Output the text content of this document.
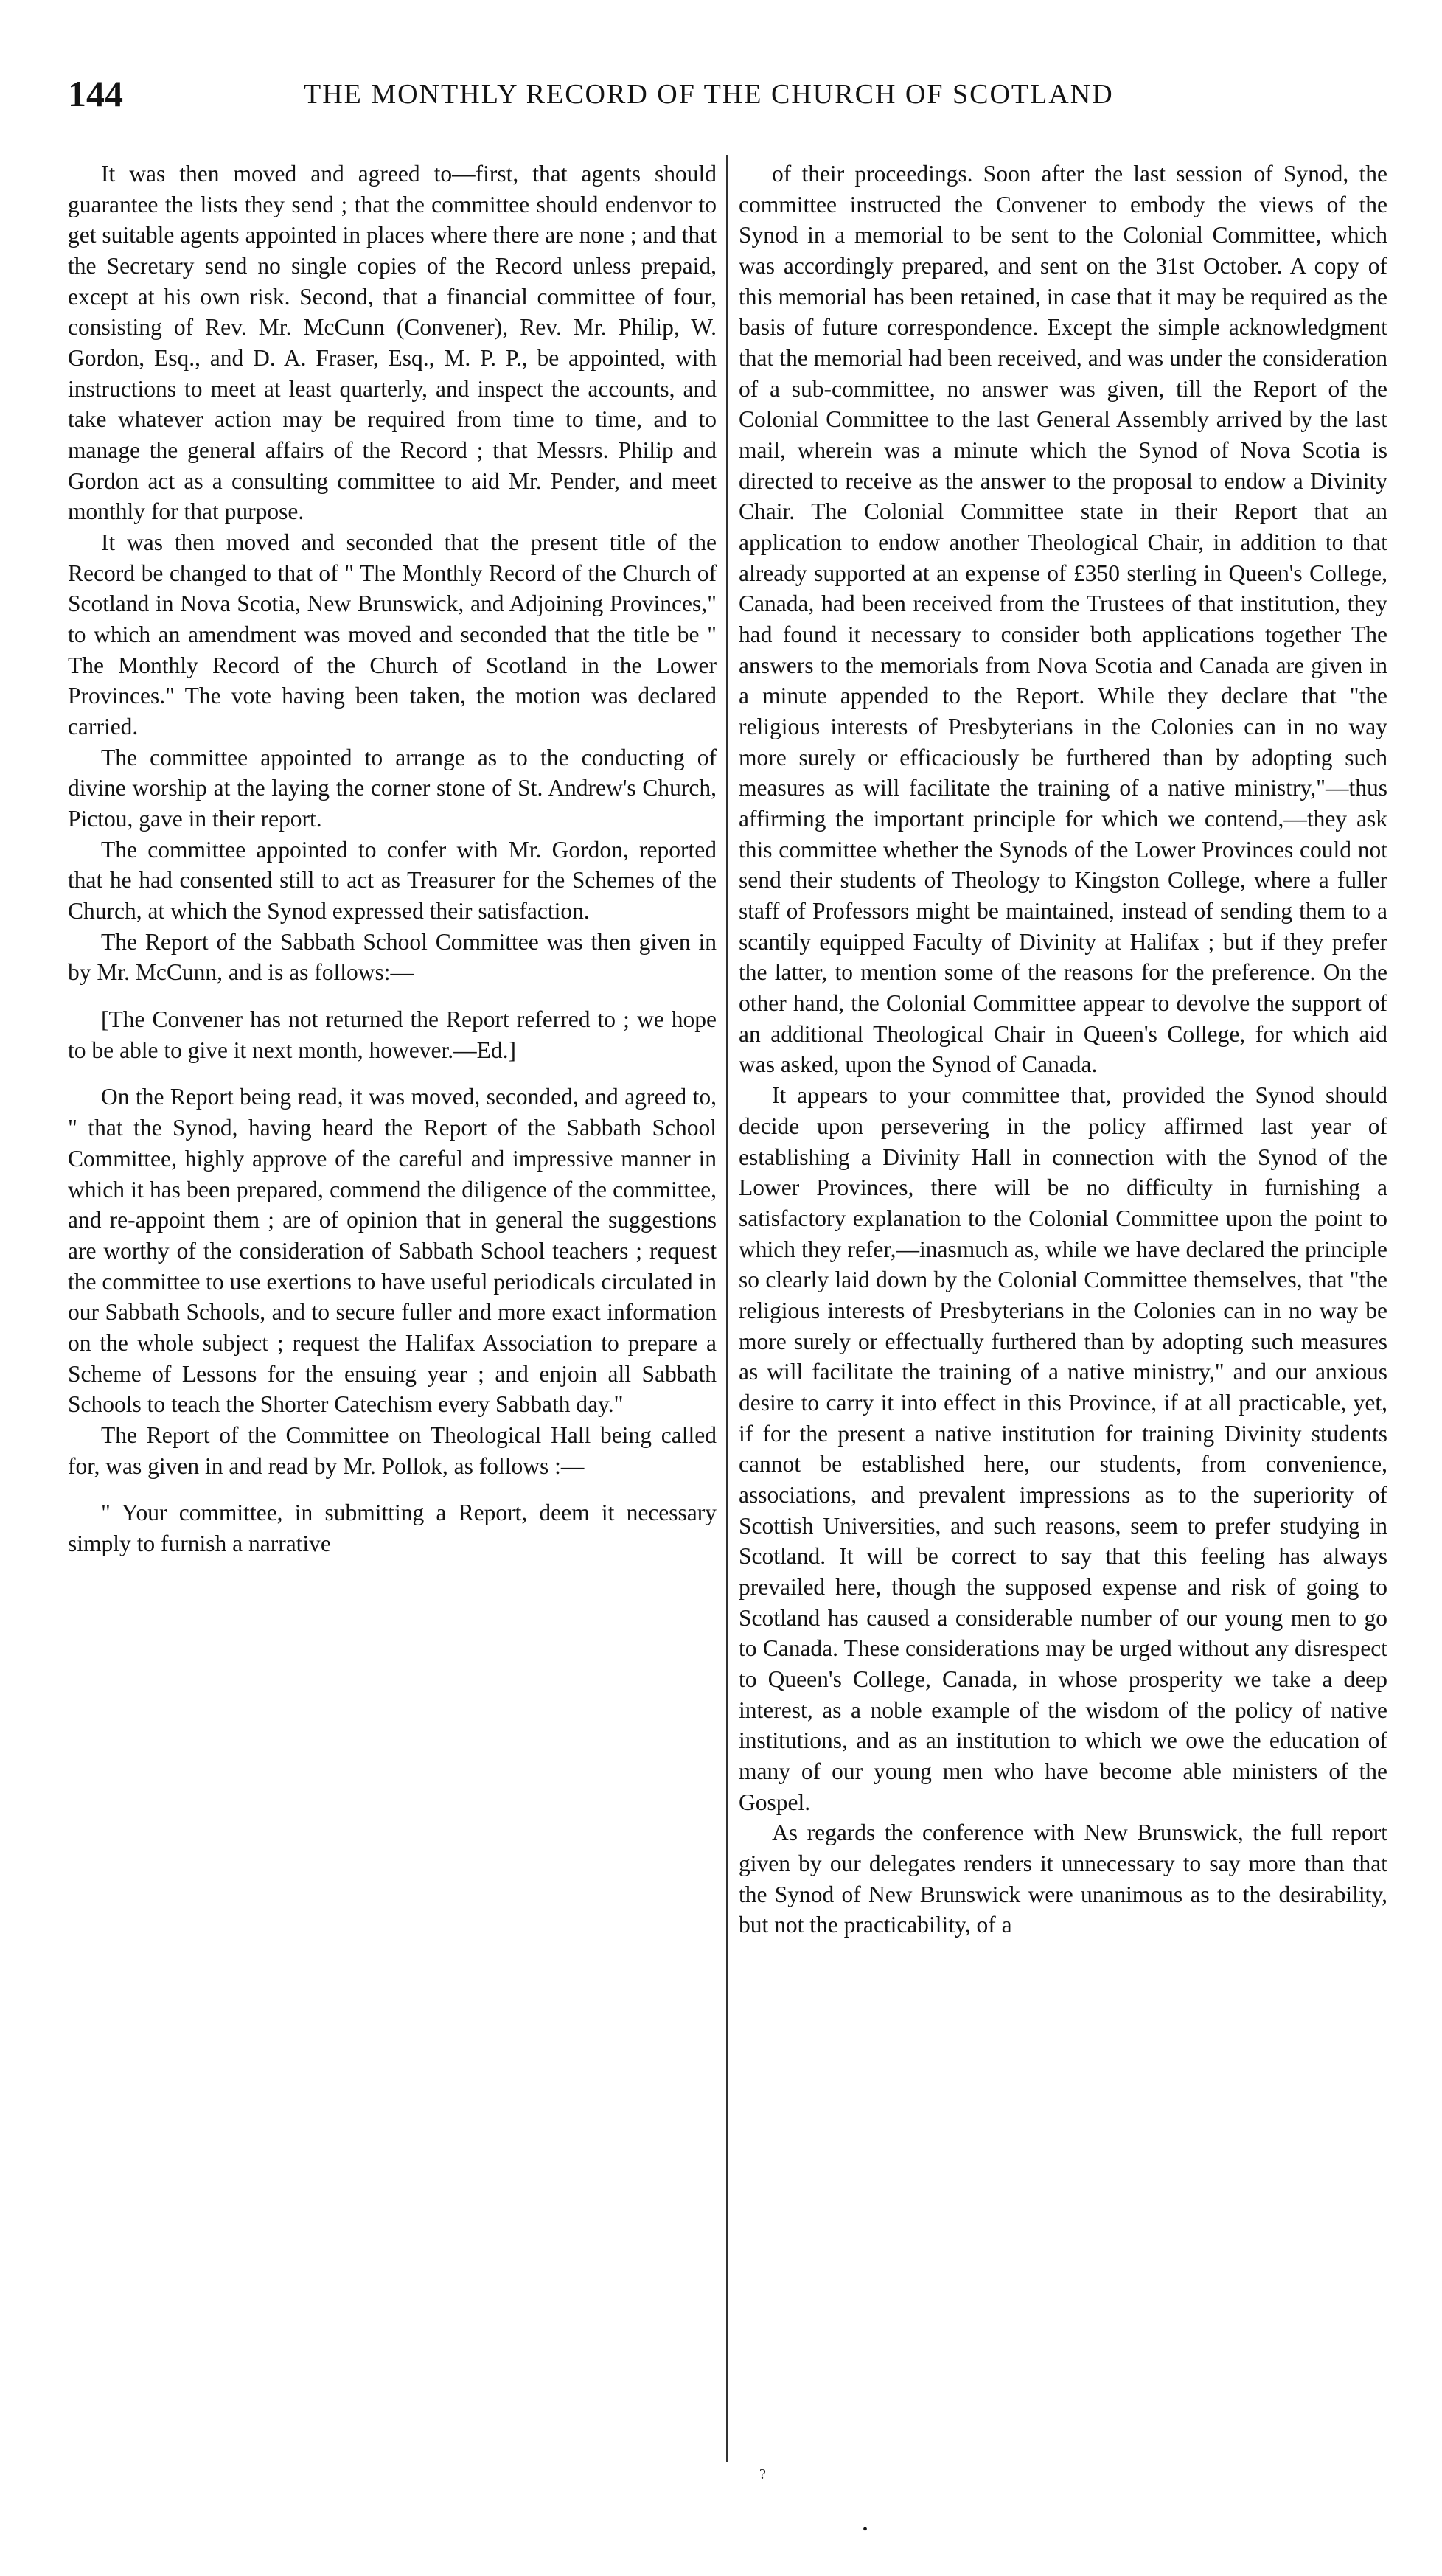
144	THE MONTHLY RECORD OF THE CHURCH OF SCOTLAND

It was then moved and agreed to—first, that agents should guarantee the lists they send ; that the committee should endenvor to get suitable agents appointed in places where there are none ; and that the Secretary send no single copies of the Record unless prepaid, except at his own risk. Second, that a financial committee of four, consisting of Rev. Mr. McCunn (Convener), Rev. Mr. Philip, W. Gordon, Esq., and D. A. Fraser, Esq., M. P. P., be appointed, with instructions to meet at least quarterly, and inspect the accounts, and take whatever action may be required from time to time, and to manage the general affairs of the Record ; that Messrs. Philip and Gordon act as a consulting committee to aid Mr. Pender, and meet monthly for that purpose.

It was then moved and seconded that the present title of the Record be changed to that of " The Monthly Record of the Church of Scotland in Nova Scotia, New Brunswick, and Adjoining Provinces," to which an amendment was moved and seconded that the title be " The Monthly Record of the Church of Scotland in the Lower Provinces." The vote having been taken, the motion was declared carried.

The committee appointed to arrange as to the conducting of divine worship at the laying the corner stone of St. Andrew's Church, Pictou, gave in their report.

The committee appointed to confer with Mr. Gordon, reported that he had consented still to act as Treasurer for the Schemes of the Church, at which the Synod expressed their satisfaction.

The Report of the Sabbath School Committee was then given in by Mr. McCunn, and is as follows:—

[The Convener has not returned the Report referred to ; we hope to be able to give it next month, however.—Ed.]

On the Report being read, it was moved, seconded, and agreed to, " that the Synod, having heard the Report of the Sabbath School Committee, highly approve of the careful and impressive manner in which it has been prepared, commend the diligence of the committee, and re-appoint them ; are of opinion that in general the suggestions are worthy of the consideration of Sabbath School teachers ; request the committee to use exertions to have useful periodicals circulated in our Sabbath Schools, and to secure fuller and more exact information on the whole subject ; request the Halifax Association to prepare a Scheme of Lessons for the ensuing year ; and enjoin all Sabbath Schools to teach the Shorter Catechism every Sabbath day."

The Report of the Committee on Theological Hall being called for, was given in and read by Mr. Pollok, as follows :—

" Your committee, in submitting a Report, deem it necessary simply to furnish a narrative

of their proceedings. Soon after the last session of Synod, the committee instructed the Convener to embody the views of the Synod in a memorial to be sent to the Colonial Committee, which was accordingly prepared, and sent on the 31st October. A copy of this memorial has been retained, in case that it may be required as the basis of future correspondence. Except the simple acknowledgment that the memorial had been received, and was under the consideration of a sub-committee, no answer was given, till the Report of the Colonial Committee to the last General Assembly arrived by the last mail, wherein was a minute which the Synod of Nova Scotia is directed to receive as the answer to the proposal to endow a Divinity Chair. The Colonial Committee state in their Report that an application to endow another Theological Chair, in addition to that already supported at an expense of £350 sterling in Queen's College, Canada, had been received from the Trustees of that institution, they had found it necessary to consider both applications together The answers to the memorials from Nova Scotia and Canada are given in a minute appended to the Report. While they declare that "the religious interests of Presbyterians in the Colonies can in no way more surely or efficaciously be furthered than by adopting such measures as will facilitate the training of a native ministry,"—thus affirming the important principle for which we contend,—they ask this committee whether the Synods of the Lower Provinces could not send their students of Theology to Kingston College, where a fuller staff of Professors might be maintained, instead of sending them to a scantily equipped Faculty of Divinity at Halifax ; but if they prefer the latter, to mention some of the reasons for the preference. On the other hand, the Colonial Committee appear to devolve the support of an additional Theological Chair in Queen's College, for which aid was asked, upon the Synod of Canada.

It appears to your committee that, provided the Synod should decide upon persevering in the policy affirmed last year of establishing a Divinity Hall in connection with the Synod of the Lower Provinces, there will be no difficulty in furnishing a satisfactory explanation to the Colonial Committee upon the point to which they refer,—inasmuch as, while we have declared the principle so clearly laid down by the Colonial Committee themselves, that "the religious interests of Presbyterians in the Colonies can in no way be more surely or effectually furthered than by adopting such measures as will facilitate the training of a native ministry," and our anxious desire to carry it into effect in this Province, if at all practicable, yet, if for the present a native institution for training Divinity students cannot be established here, our students, from convenience, associations, and prevalent impressions as to the superiority of Scottish Universities, and such reasons, seem to prefer studying in Scotland. It will be correct to say that this feeling has always prevailed here, though the supposed expense and risk of going to Scotland has caused a considerable number of our young men to go to Canada. These considerations may be urged without any disrespect to Queen's College, Canada, in whose prosperity we take a deep interest, as a noble example of the wisdom of the policy of native institutions, and as an institution to which we owe the education of many of our young men who have become able ministers of the Gospel.

As regards the conference with New Brunswick, the full report given by our delegates renders it unnecessary to say more than that the Synod of New Brunswick were unanimous as to the desirability, but not the practicability, of a

?
•
